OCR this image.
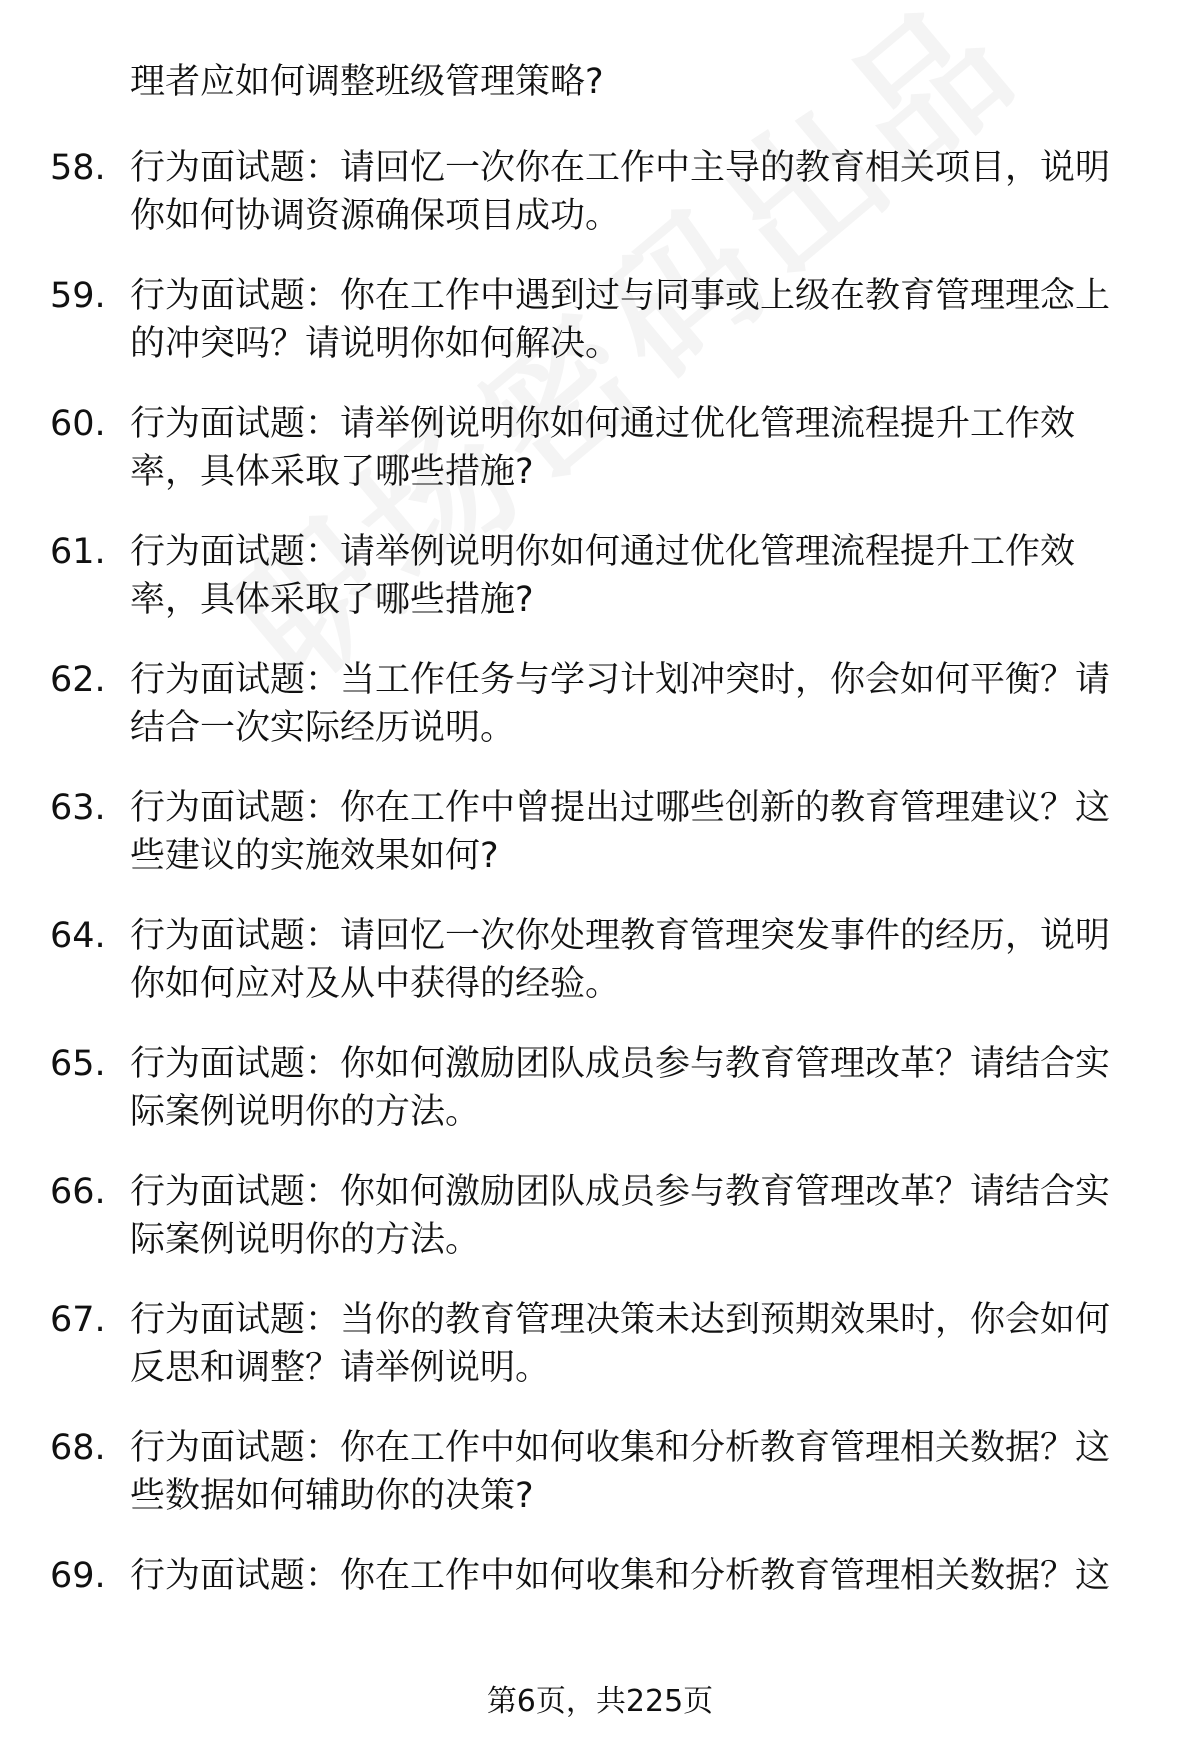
理者应如何调整班级管理策略?
58. 行为面试题：请回忆一次你在工作中主导的教育相关项目，说明你如何协调资源确保项目成功。
59. 行为面试题：你在工作中遇到过与同事或上级在教育管理理念上的冲突吗？请说明你如何解决。
60. 行为面试题：请举例说明你如何通过优化管理流程提升工作效率，具体采取了哪些措施?
61. 行为面试题：请举例说明你如何通过优化管理流程提升工作效率，具体采取了哪些措施?
62. 行为面试题：当工作任务与学习计划冲突时，你会如何平衡？请结合一次实际经历说明。
63. 行为面试题：你在工作中曾提出过哪些创新的教育管理建议？这些建议的实施效果如何?
64. 行为面试题：请回忆一次你处理教育管理突发事件的经历，说明你如何应对及从中获得的经验。
65. 行为面试题：你如何激励团队成员参与教育管理改革？请结合实际案例说明你的方法。
66. 行为面试题：你如何激励团队成员参与教育管理改革？请结合实际案例说明你的方法。
67. 行为面试题：当你的教育管理决策未达到预期效果时，你会如何反思和调整？请举例说明。
68. 行为面试题：你在工作中如何收集和分析教育管理相关数据？这些数据如何辅助你的决策?
69. 行为面试题：你在工作中如何收集和分析教育管理相关数据？这
第6页，共225页
